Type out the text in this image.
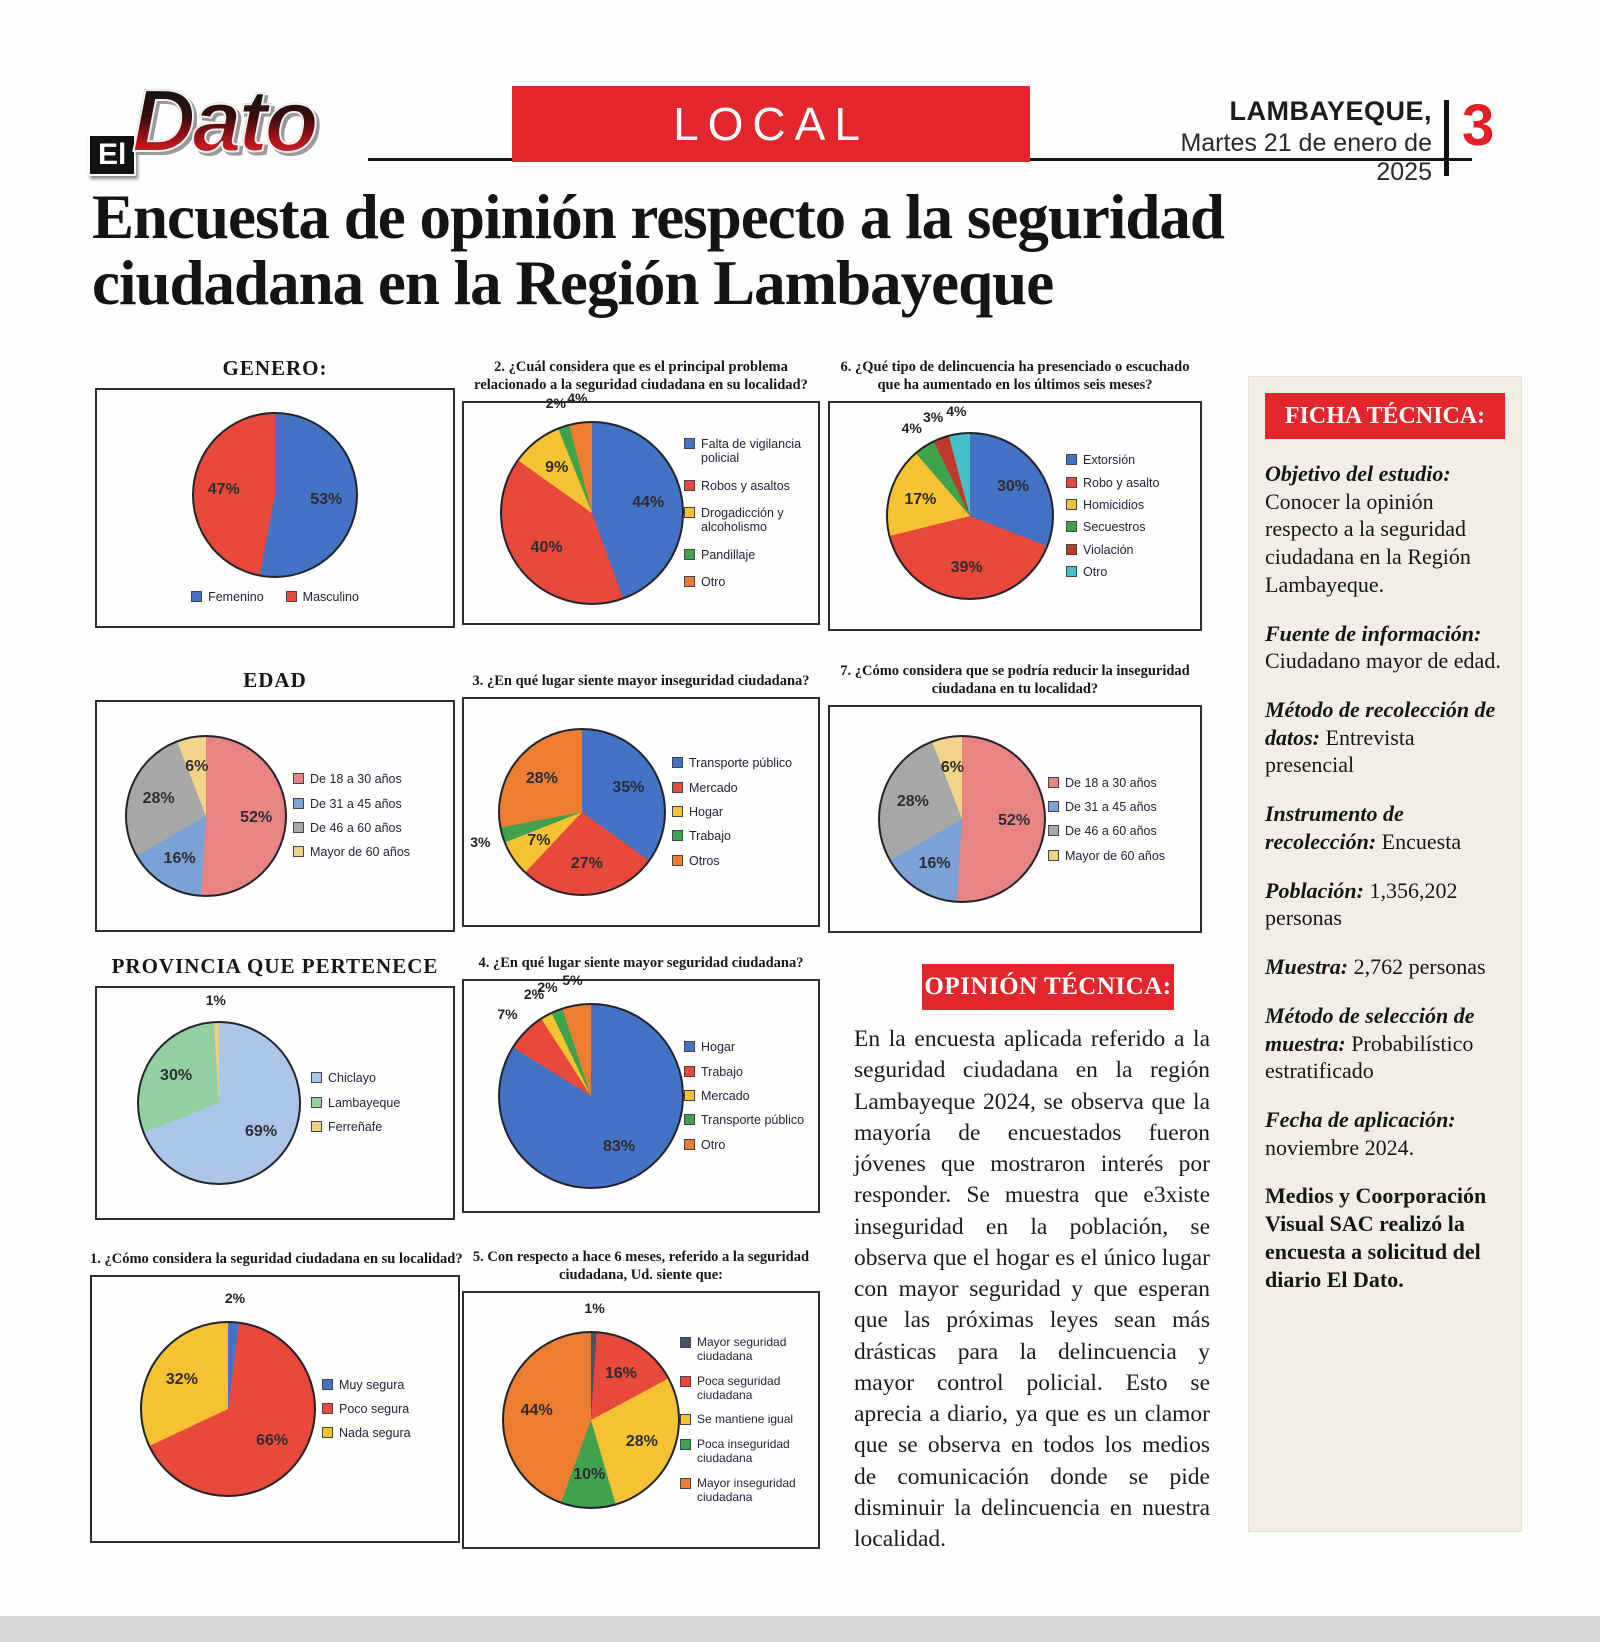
El Dato	LOCAL	LAMBAYEQUE,
Martes 21 de enero de 2025
3
Encuesta de opinión respecto a la seguridad ciudadana en la Región Lambayeque
GENERO:
53%
47%
Femenino	Masculino
EDAD
52%
16%
28%
6%
De 18 a 30 años
De 31 a 45 años
De 46 a 60 años
Mayor de 60 años
PROVINCIA QUE PERTENECE
69%
30%
1%
Chiclayo
Lambayeque
Ferreñafe
1. ¿Cómo considera la seguridad ciudadana en su localidad?
2%
66%
32%	Muy segura
Poco segura
Nada segura
2. ¿Cuál considera que es el principal problema relacionado a la seguridad ciudadana en su localidad?
44%
40%
9%
2% 4%
Falta de vigilancia policial
Robos y asaltos
Drogadicción y alcoholismo
Pandillaje
Otro
3. ¿En qué lugar siente mayor inseguridad ciudadana?
35%
27%
7%
3%
28%
Transporte público
Mercado
Hogar
Trabajo
Otros
4. ¿En qué lugar siente mayor seguridad ciudadana?
83%
7%
2%
2% 5%
Hogar
Trabajo
Mercado
Transporte público
Otro
5. Con respecto a hace 6 meses, referido a la seguridad ciudadana, Ud. siente que:
1%
16%
28%
10%
44%
Mayor seguridad ciudadana
Poca seguridad ciudadana
Se mantiene igual
Poca inseguridad ciudadana
Mayor inseguridad ciudadana
6. ¿Qué tipo de delincuencia ha presenciado o escuchado que ha aumentado en los últimos seis meses?
30%
39%
17%
4%
3% 4%
Extorsión
Robo y asalto
Homicidios
Secuestros
Violación
Otro
7. ¿Cómo considera que se podría reducir la inseguridad ciudadana en tu localidad?
52%
16%
28%
6%
De 18 a 30 años
De 31 a 45 años
De 46 a 60 años
Mayor de 60 años
OPINIÓN TÉCNICA:
En la encuesta aplicada referido a la seguridad ciudadana en la región Lambayeque 2024, se observa que la mayoría de encuestados fueron jóvenes que mostraron interés por responder. Se muestra que e3xiste inseguridad en la población, se observa que el hogar es el único lugar con mayor seguridad y que esperan que las próximas leyes sean más drásticas para la delincuencia y mayor control policial. Esto se aprecia a diario, ya que es un clamor que se observa en todos los medios de comunicación donde se pide disminuir la delincuencia en nuestra localidad.
FICHA TÉCNICA:

Objetivo del estudio: Conocer la opinión respecto a la seguridad ciudadana en la Región Lambayeque.

Fuente de información: Ciudadano mayor de edad.

Método de recolección de datos: Entrevista presencial

Instrumento de recolección: Encuesta

Población: 1,356,202 personas

Muestra: 2,762 personas

Método de selección de muestra: Probabilístico estratificado

Fecha de aplicación: noviembre 2024.

Medios y Coorporación Visual SAC realizó la encuesta a solicitud del diario El Dato.
